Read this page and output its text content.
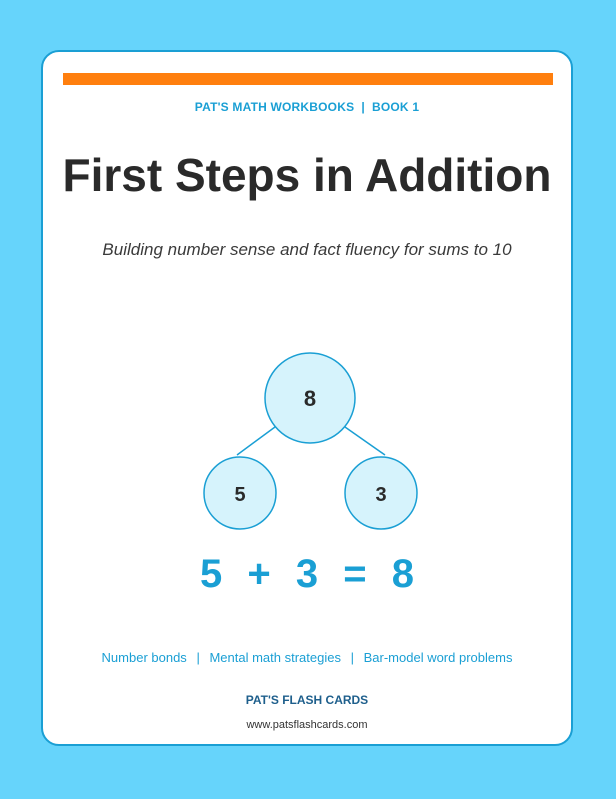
PAT'S MATH WORKBOOKS  |  BOOK 1
First Steps in Addition
Building number sense and fact fluency for sums to 10
8
5	3
5 + 3 = 8
Number bonds | Mental math strategies | Bar-model word problems
PAT'S FLASH CARDS
www.patsflashcards.com
